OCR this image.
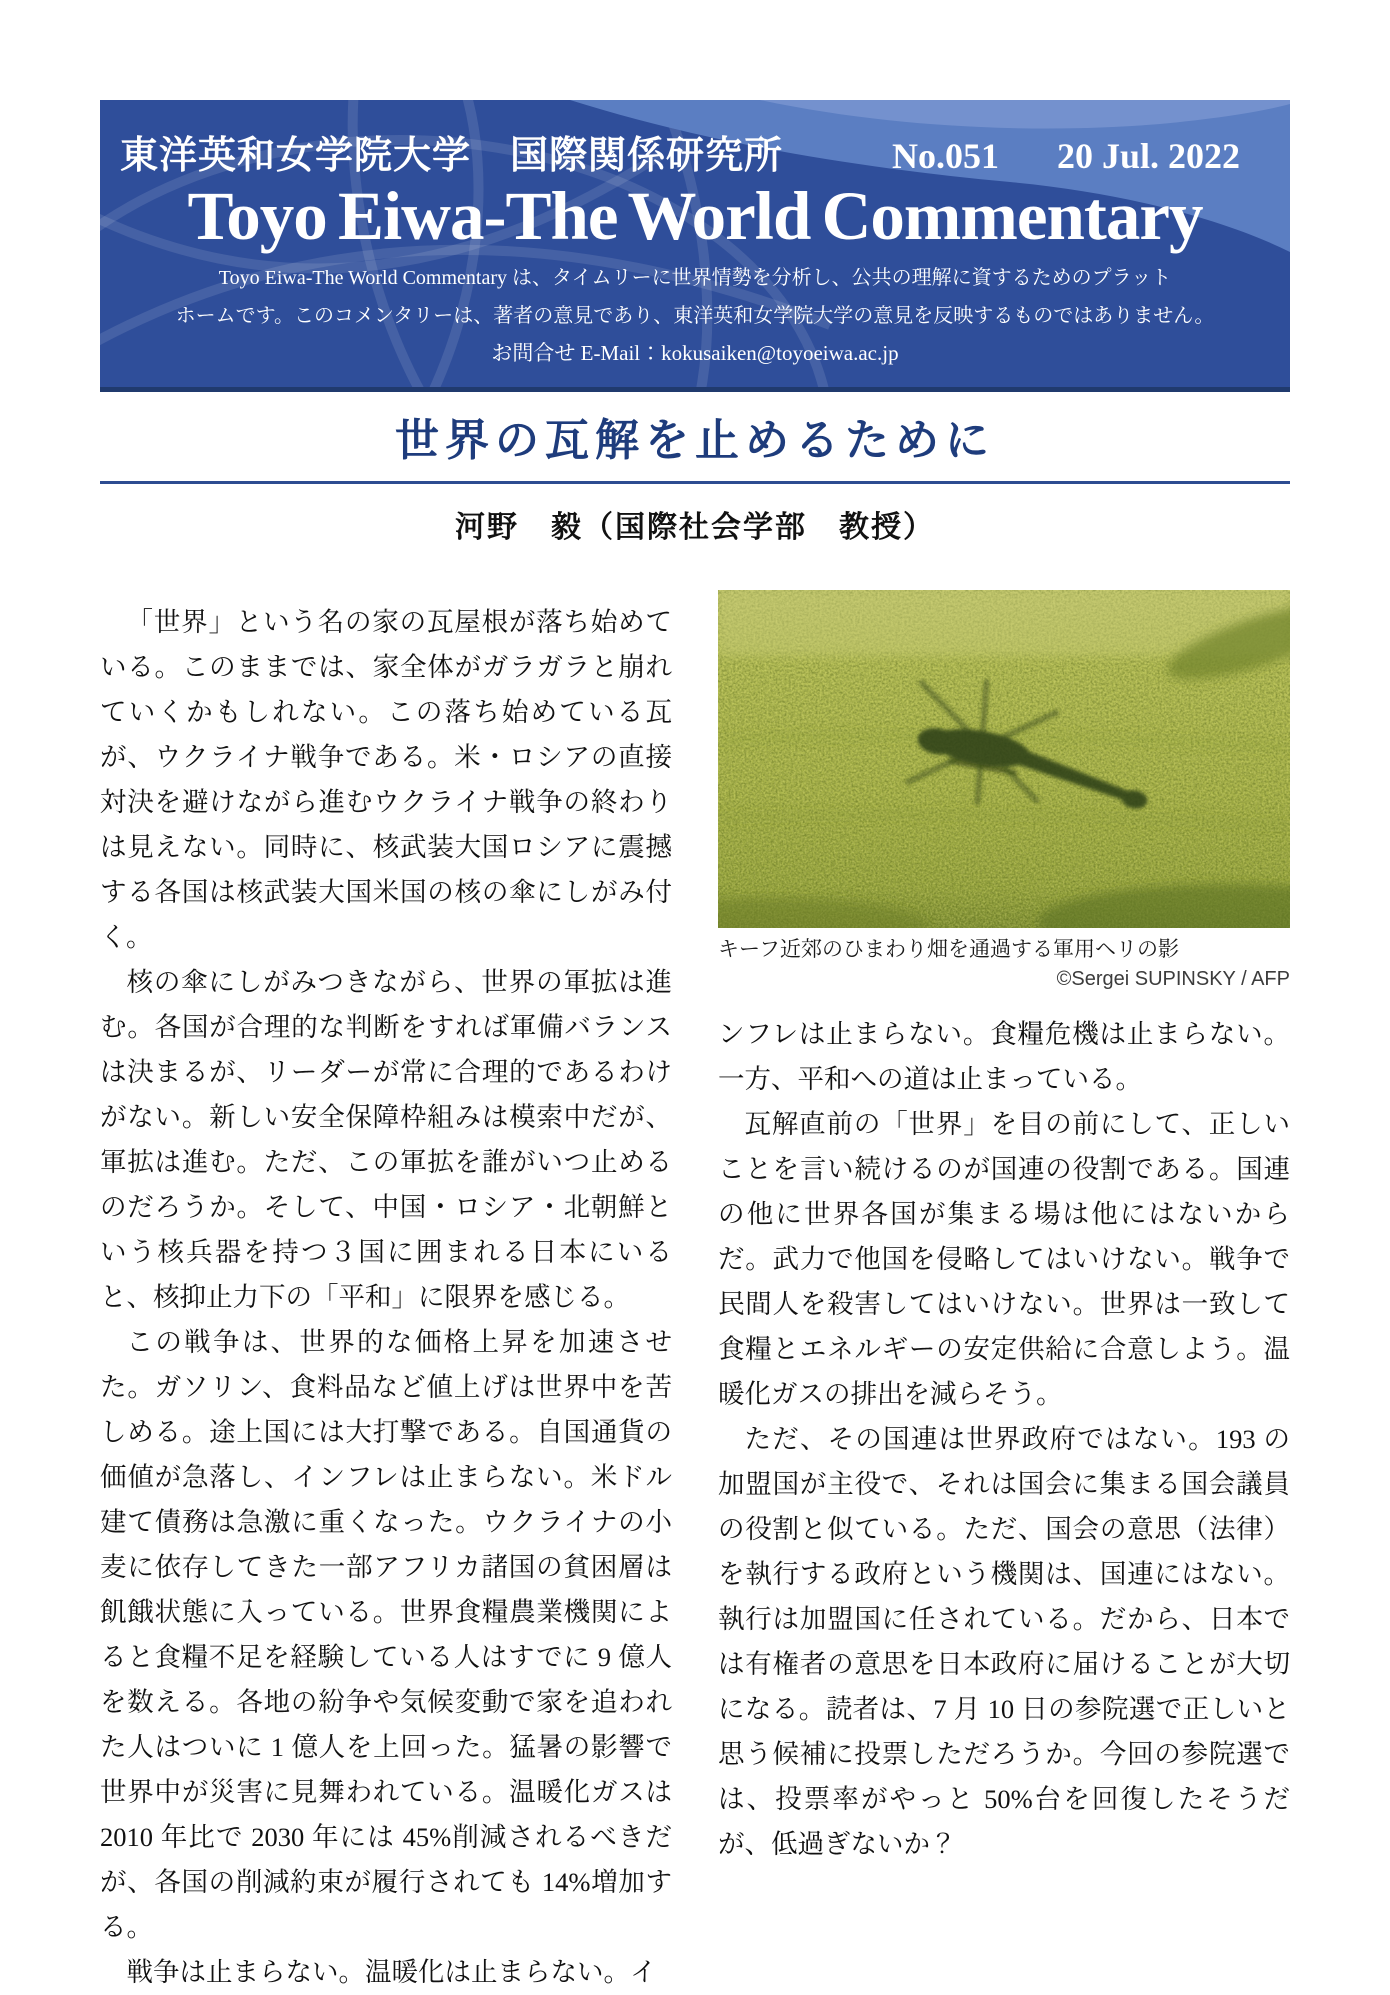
東洋英和女学院大学　国際関係研究所	No.051 20 Jul. 2022
Toyo Eiwa-The World Commentary
Toyo Eiwa-The World Commentary は、タイムリーに世界情勢を分析し、公共の理解に資するためのプラット
ホームです。このコメンタリーは、著者の意見であり、東洋英和女学院大学の意見を反映するものではありません。
お問合せ E-Mail：kokusaiken@toyoeiwa.ac.jp
世界の瓦解を止めるために
河野　毅（国際社会学部　教授）

「世界」という名の家の瓦屋根が落ち始めている。このままでは、家全体がガラガラと崩れていくかもしれない。この落ち始めている瓦が、ウクライナ戦争である。米・ロシアの直接対決を避けながら進むウクライナ戦争の終わりは見えない。同時に、核武装大国ロシアに震撼する各国は核武装大国米国の核の傘にしがみ付く。

核の傘にしがみつきながら、世界の軍拡は進む。各国が合理的な判断をすれば軍備バランスは決まるが、リーダーが常に合理的であるわけがない。新しい安全保障枠組みは模索中だが、軍拡は進む。ただ、この軍拡を誰がいつ止めるのだろうか。そして、中国・ロシア・北朝鮮という核兵器を持つ３国に囲まれる日本にいると、核抑止力下の「平和」に限界を感じる。

この戦争は、世界的な価格上昇を加速させた。ガソリン、食料品など値上げは世界中を苦しめる。途上国には大打撃である。自国通貨の価値が急落し、インフレは止まらない。米ドル建て債務は急激に重くなった。ウクライナの小麦に依存してきた一部アフリカ諸国の貧困層は飢餓状態に入っている。世界食糧農業機関によると食糧不足を経験している人はすでに 9 億人を数える。各地の紛争や気候変動で家を追われた人はついに 1 億人を上回った。猛暑の影響で世界中が災害に見舞われている。温暖化ガスは 2010 年比で 2030 年には 45%削減されるべきだが、各国の削減約束が履行されても 14%増加する。

戦争は止まらない。温暖化は止まらない。イ

キーフ近郊のひまわり畑を通過する軍用ヘリの影
©Sergei SUPINSKY / AFP

ンフレは止まらない。食糧危機は止まらない。一方、平和への道は止まっている。

瓦解直前の「世界」を目の前にして、正しいことを言い続けるのが国連の役割である。国連の他に世界各国が集まる場は他にはないからだ。武力で他国を侵略してはいけない。戦争で民間人を殺害してはいけない。世界は一致して食糧とエネルギーの安定供給に合意しよう。温暖化ガスの排出を減らそう。

ただ、その国連は世界政府ではない。193 の加盟国が主役で、それは国会に集まる国会議員の役割と似ている。ただ、国会の意思（法律）を執行する政府という機関は、国連にはない。執行は加盟国に任されている。だから、日本では有権者の意思を日本政府に届けることが大切になる。読者は、7 月 10 日の参院選で正しいと思う候補に投票しただろうか。今回の参院選では、投票率がやっと 50%台を回復したそうだが、低過ぎないか？
